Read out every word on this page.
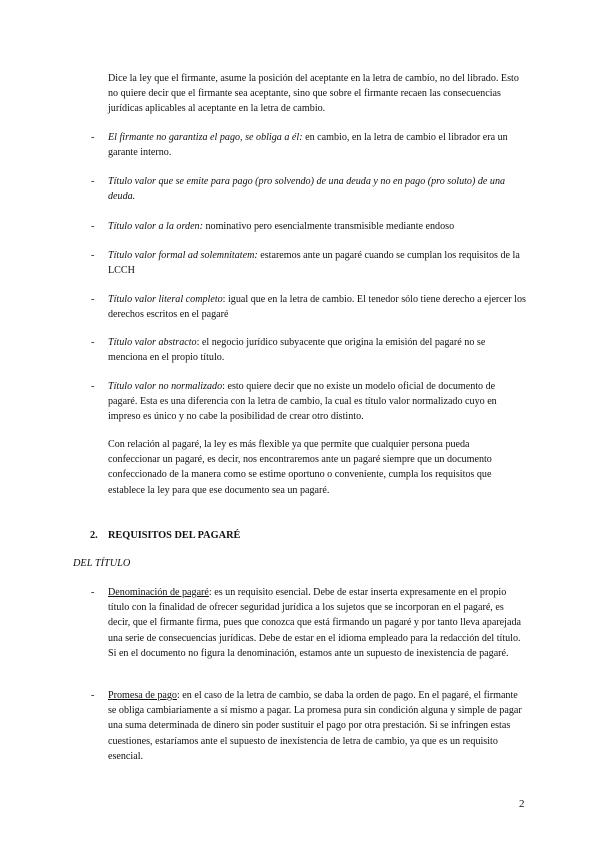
Dice la ley que el firmante, asume la posición del aceptante en la letra de cambio, no del librado. Esto no quiere decir que el firmante sea aceptante, sino que sobre el firmante recaen las consecuencias jurídicas aplicables al aceptante en la letra de cambio.

- El firmante no garantiza el pago, se obliga a él: en cambio, en la letra de cambio el librador era un garante interno.

- Título valor que se emite para pago (pro solvendo) de una deuda y no en pago (pro soluto) de una deuda.

- Título valor a la orden: nominativo pero esencialmente transmisible mediante endoso

- Título valor formal ad solemnitatem: estaremos ante un pagaré cuando se cumplan los requisitos de la LCCH

- Título valor literal completo: igual que en la letra de cambio. El tenedor sólo tiene derecho a ejercer los derechos escritos en el pagaré

- Título valor abstracto: el negocio jurídico subyacente que origina la emisión del pagaré no se menciona en el propio título.

- Título valor no normalizado: esto quiere decir que no existe un modelo oficial de documento de pagaré. Esta es una diferencia con la letra de cambio, la cual es título valor normalizado cuyo en impreso es único y no cabe la posibilidad de crear otro distinto.

Con relación al pagaré, la ley es más flexible ya que permite que cualquier persona pueda confeccionar un pagaré, es decir, nos encontraremos ante un pagaré siempre que un documento confeccionado de la manera como se estime oportuno o conveniente, cumpla los requisitos que establece la ley para que ese documento sea un pagaré.

2. REQUISITOS DEL PAGARÉ

DEL TÍTULO

- Denominación de pagaré: es un requisito esencial. Debe de estar inserta expresamente en el propio título con la finalidad de ofrecer seguridad jurídica a los sujetos que se incorporan en el pagaré, es decir, que el firmante firma, pues que conozca que está firmando un pagaré y por tanto lleva aparejada una serie de consecuencias jurídicas. Debe de estar en el idioma empleado para la redacción del título. Si en el documento no figura la denominación, estamos ante un supuesto de inexistencia de pagaré.

- Promesa de pago: en el caso de la letra de cambio, se daba la orden de pago. En el pagaré, el firmante se obliga cambiariamente a sí mismo a pagar. La promesa pura sin condición alguna y simple de pagar una suma determinada de dinero sin poder sustituir el pago por otra prestación. Si se infringen estas cuestiones, estaríamos ante el supuesto de inexistencia de letra de cambio, ya que es un requisito esencial.

2
